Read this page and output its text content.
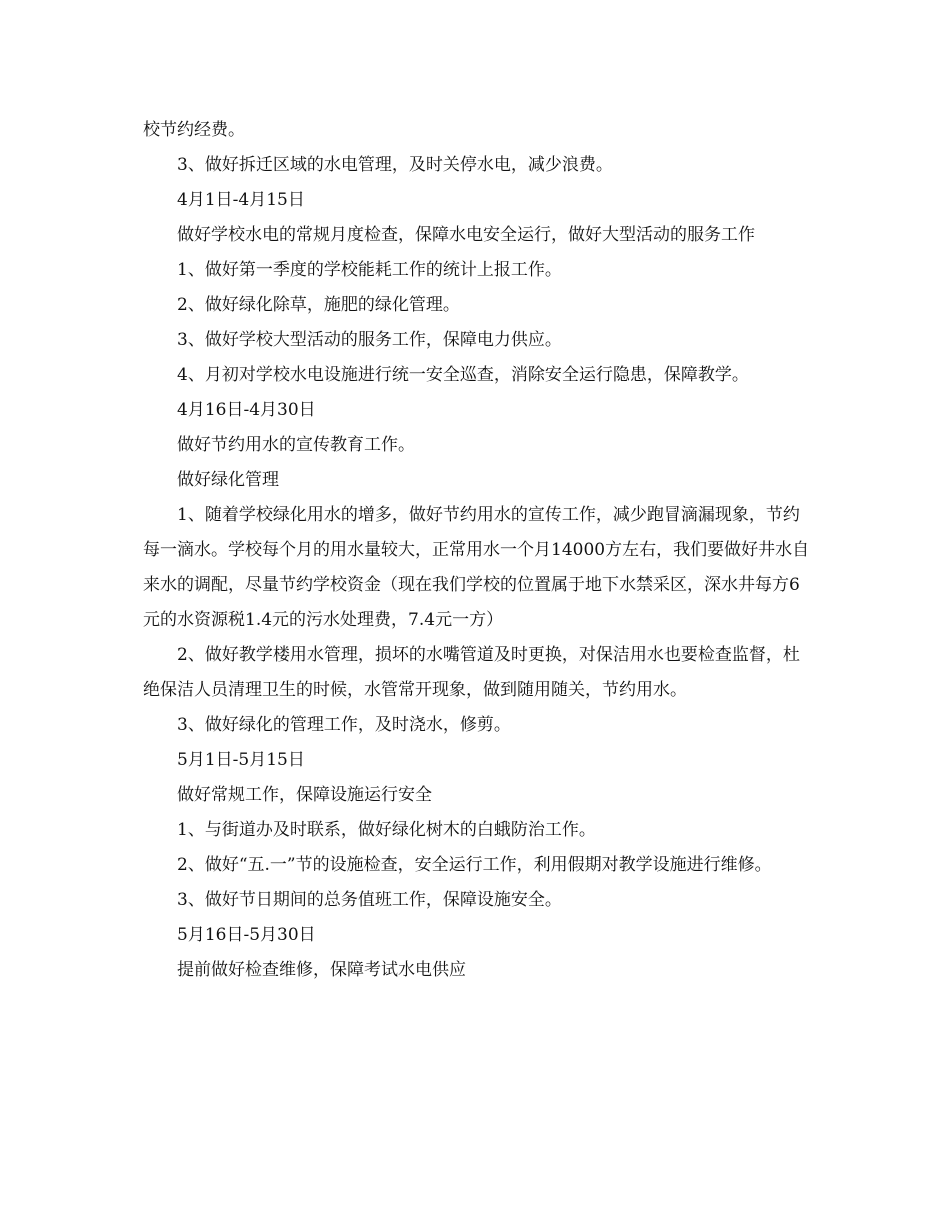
校节约经费。

3、做好拆迁区域的水电管理，及时关停水电，减少浪费。

4月1日-4月15日

做好学校水电的常规月度检查，保障水电安全运行，做好大型活动的服务工作

1、做好第一季度的学校能耗工作的统计上报工作。

2、做好绿化除草，施肥的绿化管理。

3、做好学校大型活动的服务工作，保障电力供应。

4、月初对学校水电设施进行统一安全巡查，消除安全运行隐患，保障教学。

4月16日-4月30日

做好节约用水的宣传教育工作。

做好绿化管理

1、随着学校绿化用水的增多，做好节约用水的宣传工作，减少跑冒滴漏现象，节约每一滴水。学校每个月的用水量较大，正常用水一个月14000方左右，我们要做好井水自来水的调配，尽量节约学校资金（现在我们学校的位置属于地下水禁采区，深水井每方6元的水资源税1.4元的污水处理费，7.4元一方）

2、做好教学楼用水管理，损坏的水嘴管道及时更换，对保洁用水也要检查监督，杜绝保洁人员清理卫生的时候，水管常开现象，做到随用随关，节约用水。

3、做好绿化的管理工作，及时浇水，修剪。

5月1日-5月15日

做好常规工作，保障设施运行安全

1、与街道办及时联系，做好绿化树木的白蛾防治工作。

2、做好“五.一”节的设施检查，安全运行工作，利用假期对教学设施进行维修。

3、做好节日期间的总务值班工作，保障设施安全。

5月16日-5月30日

提前做好检查维修，保障考试水电供应
